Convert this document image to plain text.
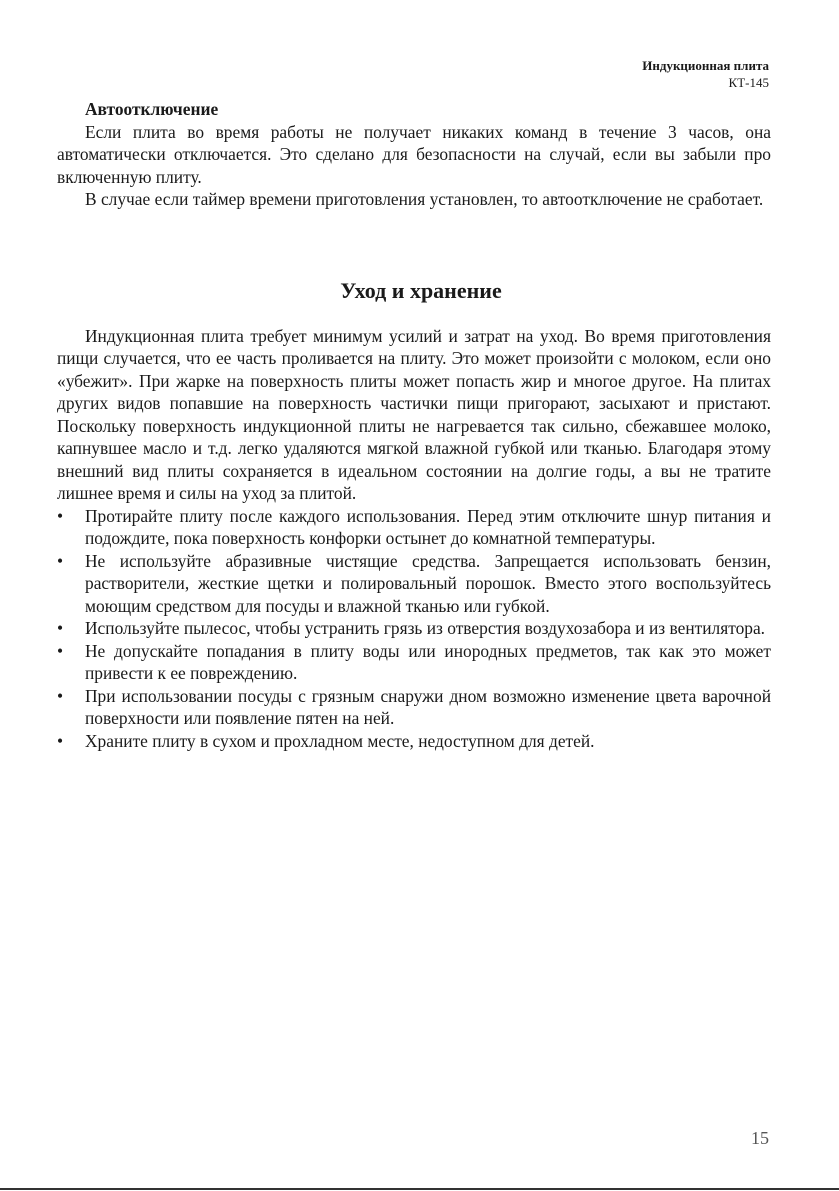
Индукционная плита
КТ-145
Автоотключение

Если плита во время работы не получает никаких команд в течение 3 часов, она автоматически отключается. Это сделано для безопасности на случай, если вы забыли про включенную плиту.

В случае если таймер времени приготовления установлен, то автоотключение не сработает.

Уход и хранение

Индукционная плита требует минимум усилий и затрат на уход. Во время приготовления пищи случается, что ее часть проливается на плиту. Это может произойти с молоком, если оно «убежит». При жарке на поверхность плиты может попасть жир и многое другое. На плитах других видов попавшие на поверхность частички пищи пригорают, засыхают и пристают. Поскольку поверхность индукционной плиты не нагревается так сильно, сбежавшее молоко, капнувшее масло и т.д. легко удаляются мягкой влажной губкой или тканью. Благодаря этому внешний вид плиты сохраняется в идеальном состоянии на долгие годы, а вы не тратите лишнее время и силы на уход за плитой.

•	Протирайте плиту после каждого использования. Перед этим отключите шнур питания и подождите, пока поверхность конфорки остынет до комнатной температуры.
•	Не используйте абразивные чистящие средства. Запрещается использовать бензин, растворители, жесткие щетки и полировальный порошок. Вместо этого воспользуйтесь моющим средством для посуды и влажной тканью или губкой.
•	Используйте пылесос, чтобы устранить грязь из отверстия воздухозабора и из вентилятора.
•	Не допускайте попадания в плиту воды или инородных предметов, так как это может привести к ее повреждению.
•	При использовании посуды с грязным снаружи дном возможно изменение цвета варочной поверхности или появление пятен на ней.
•	Храните плиту в сухом и прохладном месте, недоступном для детей.
15
